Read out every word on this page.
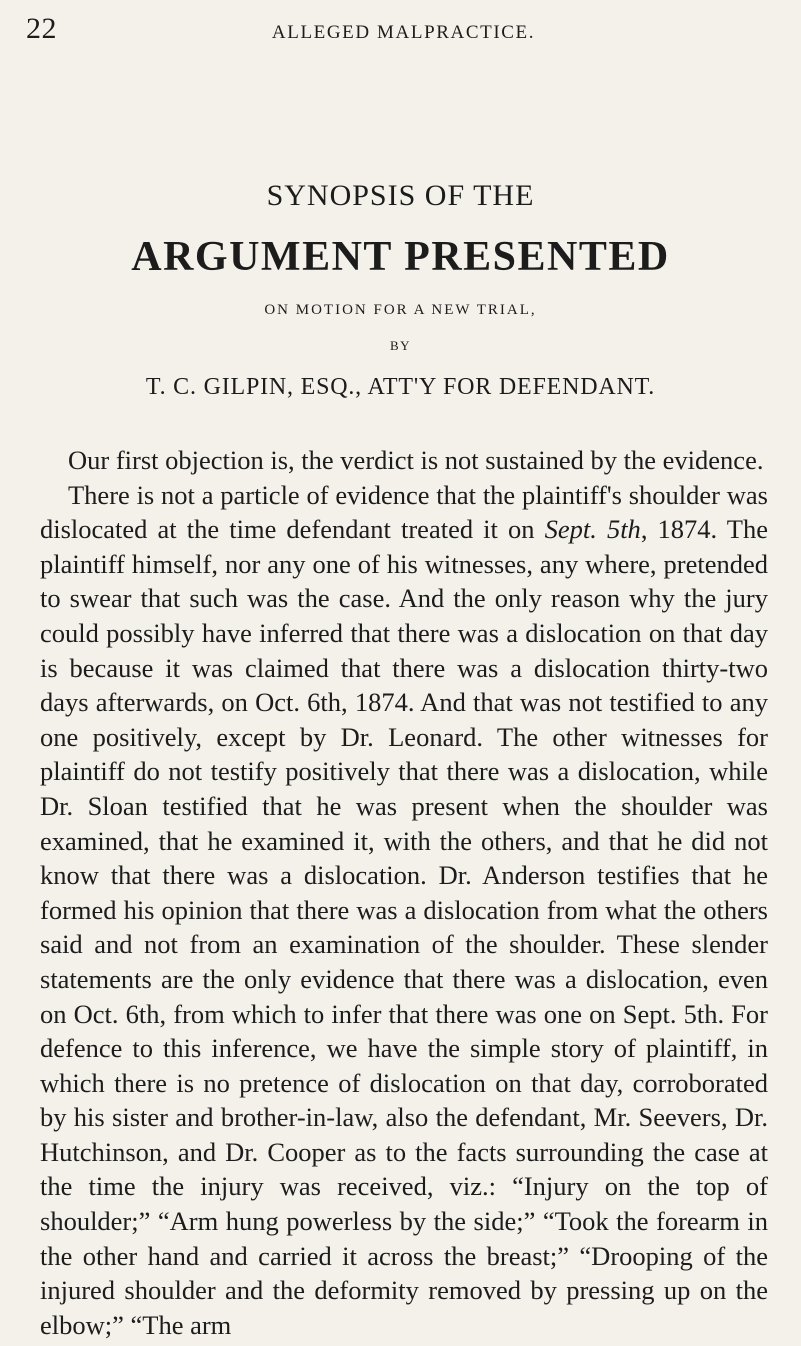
22	ALLEGED MALPRACTICE.
SYNOPSIS OF THE
ARGUMENT PRESENTED
ON MOTION FOR A NEW TRIAL,
BY
T. C. GILPIN, ESQ., ATT'Y FOR DEFENDANT.

Our first objection is, the verdict is not sustained by the evidence.

There is not a particle of evidence that the plaintiff's shoulder was dislocated at the time defendant treated it on Sept. 5th, 1874. The plaintiff himself, nor any one of his witnesses, any where, pretended to swear that such was the case. And the only reason why the jury could possibly have inferred that there was a dislocation on that day is because it was claimed that there was a dislocation thirty-two days afterwards, on Oct. 6th, 1874. And that was not testified to any one positively, except by Dr. Leonard. The other witnesses for plaintiff do not testify positively that there was a dislocation, while Dr. Sloan testified that he was present when the shoulder was examined, that he examined it, with the others, and that he did not know that there was a dislocation. Dr. Anderson testifies that he formed his opinion that there was a dislocation from what the others said and not from an examination of the shoulder. These slender statements are the only evidence that there was a dislocation, even on Oct. 6th, from which to infer that there was one on Sept. 5th. For defence to this inference, we have the simple story of plaintiff, in which there is no pretence of dislocation on that day, corroborated by his sister and brother-in-law, also the defendant, Mr. Seevers, Dr. Hutchinson, and Dr. Cooper as to the facts surrounding the case at the time the injury was received, viz.: “Injury on the top of shoulder;” “Arm hung powerless by the side;” “Took the forearm in the other hand and carried it across the breast;” “Drooping of the injured shoulder and the deformity removed by pressing up on the elbow;” “The arm
